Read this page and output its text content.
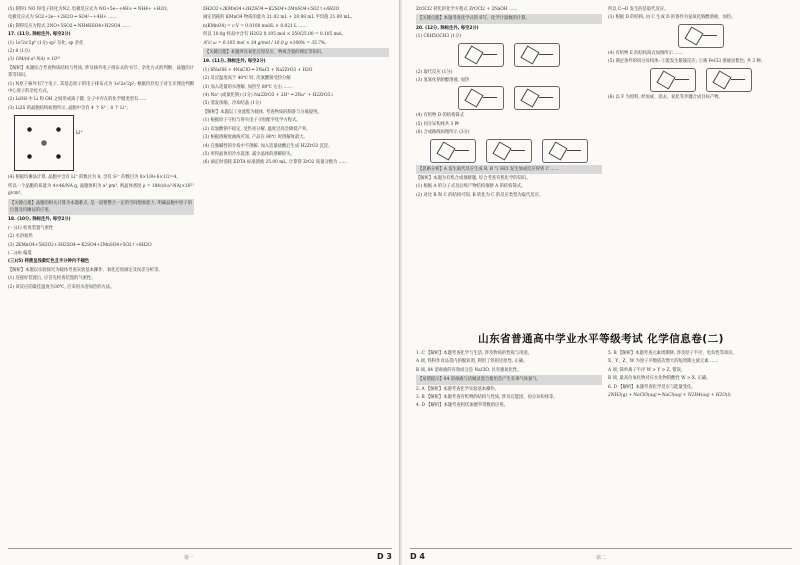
(5) 制得1 NO 得电子转化为N2, 电极反应式为 NO+5e−+4H+ ═ NH4+ +H2O。

电极反应式为 SO2+2e−+2H2O ═ SO4²−+4H+ ……

(6) 制得反应方程式 2NO+5SO2 ═ NH4HSO4+H2SO4 ……

17. (11分, 除标注外, 每空2分)

(1) 1s²2s²2p⁶ (1分) sp² 杂化, sp 杂化

(2) 8 (1分)

(3) 184/(d·a³·NA) × 10²¹

【解析】本题综合考查物质结构与性质, 涉及核外电子排布式的书写、杂化方式的判断、晶胞的计算等知识。

(1) N原子核外有7个电子, 其基态原子的电子排布式为 1s²2s²2p³; 根据价层电子对互斥理论判断中心原子的杂化方式。

(2) LiOH 中 Li 和 OH 之间形成离子键, 分子中存在的化学键类型有……

(3) Li2S 的晶胞结构如图所示, 晶胞中含有 4 个 S²⁻, 8 个 Li⁺。

Li⁺

(4) 根据均摊法计算, 晶胞中含有 Li⁺ 的数目为 8, 含有 S²⁻ 的数目为 8×1/8+6×1/2=4。

所以一个晶胞的质量为 4×46/NA g, 晶胞体积为 a³ pm³, 则晶体密度 ρ = 184/(d·a³·NA)×10²¹ g/cm³。

【关键点拨】晶胞的相关计算为本题难点, 是一道要整合一定的空间想象能力, 明确晶胞中原子的位置及均摊法的应用。

18. (10分, 除标注外, 每空2分)

(一)(1) 检查装置气密性

(2) 水浴加热

(3) 2KMnO4+5H2O2+3H2SO4 ═ K2SO4+2MnSO4+5O2↑+8H2O

(二)(4) 偏低

(三)(5) 样液呈浅紫红色且半分钟内不褪色

【解析】本题以实验探究为载体考查实验基本操作、氧化还原滴定及误差分析等。

(1) 连接好装置后, 应首先检查装置的气密性。

(2) 该反应的最佳温度为30℃, 应采用水浴加热的方法。

5H2O2+2KMnO4+3H2SO4 ═ K2SO4+2MnSO4+5O2↑+8H2O

滴定消耗的 KMnO4 物质的量为 21.02 mL + 20.98 mL 平均值 21.00 mL。

n(KMnO4) = c·V = 0.0100 mol/L × 0.021 L ……

所以 10.0g 样品中含有 H2O2 0.105 mol × 250/25.00 = 0.105 mol。

所以 ω = 0.105 mol × 34 g/mol / 10.0 g ×100% = 35.7%。

【关键点拨】本题涉及氧化还原反应、物质含量的测定等知识。

19. (11分, 除标注外, 每空2分)

(1) 6NaOH + 4NaClO ═ 3NaCl + Na2ZrO3 + H2O

(2) 反应温度高于 40℃ 时, 次氯酸钠受热分解

(3) 加入适量的水溶解, 加热至 80℃ 左右 ……

(4) Na⁺ (或氯化钠) (1分) Na2ZrO3 + 2H⁺ ═ 2Na⁺ + H2ZrO3↓

(5) 蒸发浓缩、冷却结晶 (1分)

【解析】本题以工业流程为载体, 考查物质的制备与分离提纯。

(1) 根据原子守恒与得失电子守恒配平化学方程式。

(2) 次氯酸钠不稳定, 受热易分解, 温度过高会降低产率。

(3) 根据溶解度曲线可知, 产品在 80℃ 时溶解度最大。

(4) 在强碱性的介质中不溶解, 加入适量盐酸后生成 H2ZrO3 沉淀。

(5) 所得晶体用冷水洗涤, 减少晶体的溶解损失。

(6) 滴定时消耗 EDTA 标准溶液 25.00 mL, 计算得 ZrO2 质量分数为 ……

第一	D 3

ZrOCl2 转化的化学方程式 ZrOCl2 + 2NaOH ……

【关键点拨】本题考查化学式的书写、化学计量数的计算。

20. (12分, 除标注外, 每空2分)

(1) C6H5OCH3 (1分)

(2) 取代反应 (1分)

(3) 氢氧化钠的醇溶液, 加热

(4) 有机物 D 的结构简式

(5) 同分异构体共 3 种

(6) 合成路线如图所示 (3分)

【思路分析】A 发生取代反应生成 B, B 与 HCl 发生加成反应得到 C ……

【解析】本题为有机合成推断题, 综合考查有机化学的知识。

(1) 根据 A 的分子式及后续产物结构推断 A 的结构简式。

(2) 对比 B 和 C 的结构可知, B 转化为 C 的反应类型为取代反应。

山东省普通高中学业水平等级考试 化学信息卷(二)

1. C 【解析】本题考查化学与生活, 涉及物质的性质与用途。

A 项, 铁粉作食品袋内的脱氧剂, 利用了铁的还原性, 正确。

B 项, 84 消毒液的有效成分是 NaClO, 具有强氧化性。

【易错提示】84 消毒液与洁厕灵混合使用会产生有毒气体氯气。

2. A 【解析】本题考查化学实验基本操作。

3. B 【解析】本题考查有机物的结构与性质, 涉及官能团、同分异构体等。

4. D 【解析】本题考查阿伏加德罗常数的应用。

所以 C→D 发生的是取代反应。

(3) 根据 D 的结构, 由 C 生成 D 的条件为氢氧化钠醇溶液、加热。

(4) 有机物 E 的结构简式如图所示 ……

(5) 满足条件的同分异构体: ①能发生银镜反应; ②遇 FeCl3 溶液显紫色; 共 3 种。

(6) 以 F 为原料, 经加成、消去、氧化等步骤合成目标产物。

5. B 【解析】本题考查元素周期律, 涉及原子半径、电负性等知识。

X、Y、Z、W 为原子序数依次增大的短周期主族元素 ……

A 项, 简单离子半径 W > Y > Z, 错误。

B 项, 最高价氧化物对应水化物的酸性 W > X, 正确。

6. D 【解析】本题考查化学反应与能量变化。

2NH3(g) + NaClO(aq) ═ NaCl(aq) + N2H4(aq) + H2O(l)

D 4	第二
